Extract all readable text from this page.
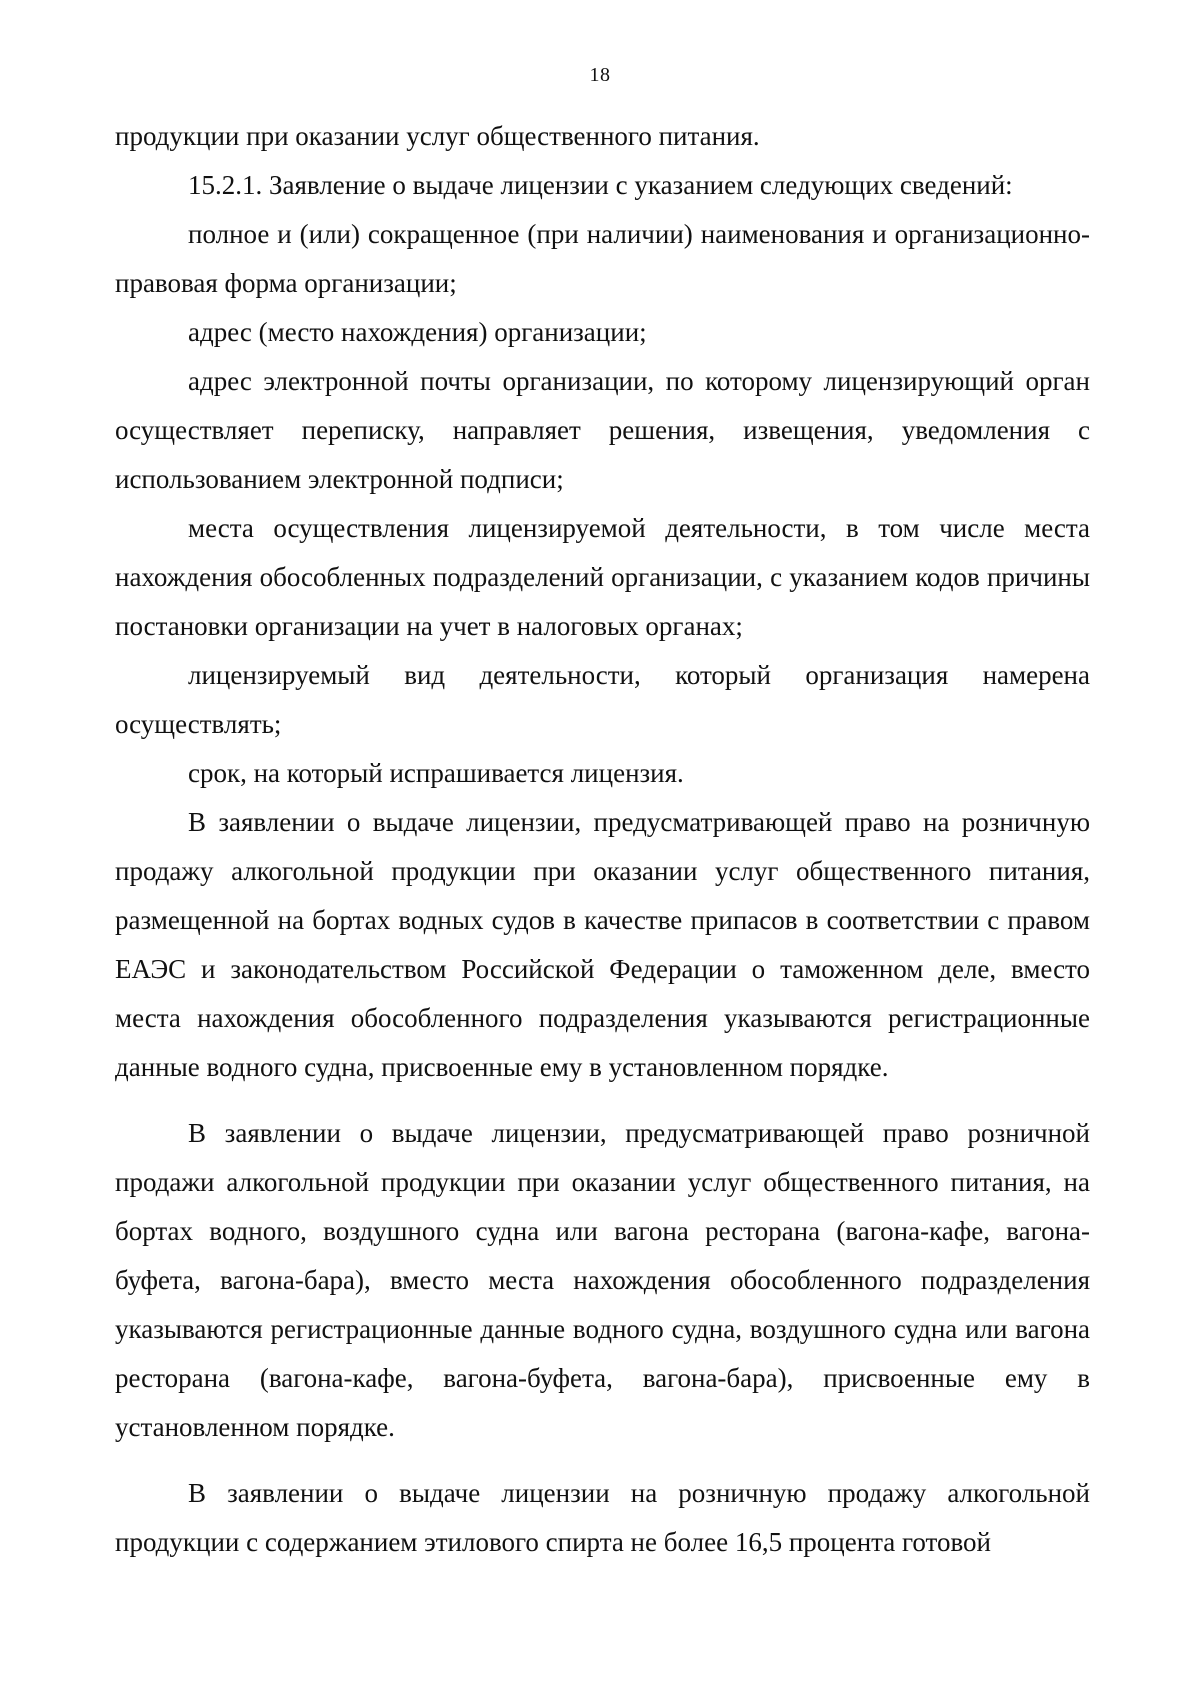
18

продукции при оказании услуг общественного питания.

15.2.1. Заявление о выдаче лицензии с указанием следующих сведений:

полное и (или) сокращенное (при наличии) наименования и организационно-правовая форма организации;

адрес (место нахождения) организации;

адрес электронной почты организации, по которому лицензирующий орган осуществляет переписку, направляет решения, извещения, уведомления с использованием электронной подписи;

места осуществления лицензируемой деятельности, в том числе места нахождения обособленных подразделений организации, с указанием кодов причины постановки организации на учет в налоговых органах;

лицензируемый вид деятельности, который организация намерена осуществлять;

срок, на который испрашивается лицензия.

В заявлении о выдаче лицензии, предусматривающей право на розничную продажу алкогольной продукции при оказании услуг общественного питания, размещенной на бортах водных судов в качестве припасов в соответствии с правом ЕАЭС и законодательством Российской Федерации о таможенном деле, вместо места нахождения обособленного подразделения указываются регистрационные данные водного судна, присвоенные ему в установленном порядке.

В заявлении о выдаче лицензии, предусматривающей право розничной продажи алкогольной продукции при оказании услуг общественного питания, на бортах водного, воздушного судна или вагона ресторана (вагона-кафе, вагона-буфета, вагона-бара), вместо места нахождения обособленного подразделения указываются регистрационные данные водного судна, воздушного судна или вагона ресторана (вагона-кафе, вагона-буфета, вагона-бара), присвоенные ему в установленном порядке.

В заявлении о выдаче лицензии на розничную продажу алкогольной продукции с содержанием этилового спирта не более 16,5 процента готовой
